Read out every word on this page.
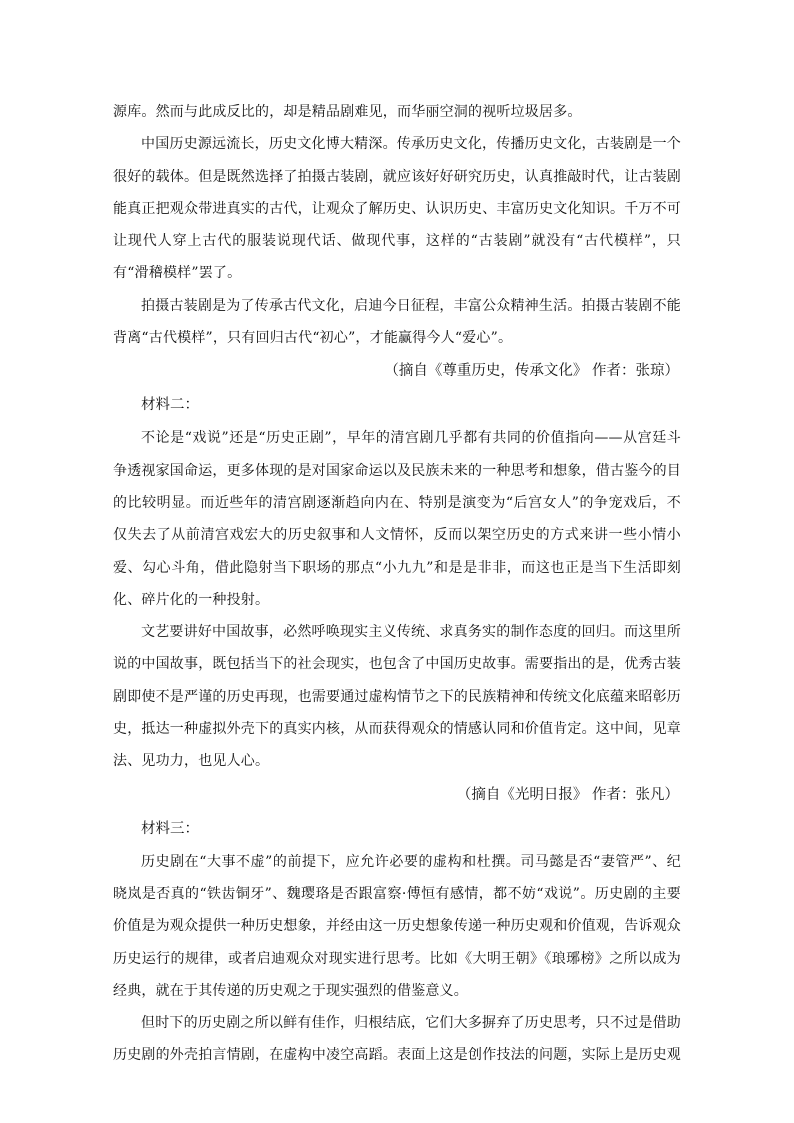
源库。然而与此成反比的，却是精品剧难见，而华丽空洞的视听垃圾居多。

中国历史源远流长，历史文化博大精深。传承历史文化，传播历史文化，古装剧是一个很好的载体。但是既然选择了拍摄古装剧，就应该好好研究历史，认真推敲时代，让古装剧能真正把观众带进真实的古代，让观众了解历史、认识历史、丰富历史文化知识。千万不可让现代人穿上古代的服装说现代话、做现代事，这样的“古装剧”就没有“古代模样”，只有“滑稽模样”罢了。

拍摄古装剧是为了传承古代文化，启迪今日征程，丰富公众精神生活。拍摄古装剧不能背离“古代模样”，只有回归古代“初心”，才能赢得今人“爱心”。

（摘自《尊重历史，传承文化》 作者：张琼）

材料二：

不论是“戏说”还是“历史正剧”，早年的清宫剧几乎都有共同的价值指向——从宫廷斗争透视家国命运，更多体现的是对国家命运以及民族未来的一种思考和想象，借古鉴今的目的比较明显。而近些年的清宫剧逐渐趋向内在、特别是演变为“后宫女人”的争宠戏后，不仅失去了从前清宫戏宏大的历史叙事和人文情怀，反而以架空历史的方式来讲一些小情小爱、勾心斗角，借此隐射当下职场的那点“小九九”和是是非非，而这也正是当下生活即刻化、碎片化的一种投射。

文艺要讲好中国故事，必然呼唤现实主义传统、求真务实的制作态度的回归。而这里所说的中国故事，既包括当下的社会现实，也包含了中国历史故事。需要指出的是，优秀古装剧即使不是严谨的历史再现，也需要通过虚构情节之下的民族精神和传统文化底蕴来昭彰历史，抵达一种虚拟外壳下的真实内核，从而获得观众的情感认同和价值肯定。这中间，见章法、见功力，也见人心。

（摘自《光明日报》 作者：张凡）

材料三：

历史剧在“大事不虚”的前提下，应允许必要的虚构和杜撰。司马懿是否“妻管严”、纪晓岚是否真的“铁齿铜牙”、魏璎珞是否跟富察·傅恒有感情，都不妨“戏说”。历史剧的主要价值是为观众提供一种历史想象，并经由这一历史想象传递一种历史观和价值观，告诉观众历史运行的规律，或者启迪观众对现实进行思考。比如《大明王朝》《琅琊榜》之所以成为经典，就在于其传递的历史观之于现实强烈的借鉴意义。

但时下的历史剧之所以鲜有佳作，归根结底，它们大多摒弃了历史思考，只不过是借助历史剧的外壳拍言情剧，在虚构中凌空高蹈。表面上这是创作技法的问题，实际上是历史观
